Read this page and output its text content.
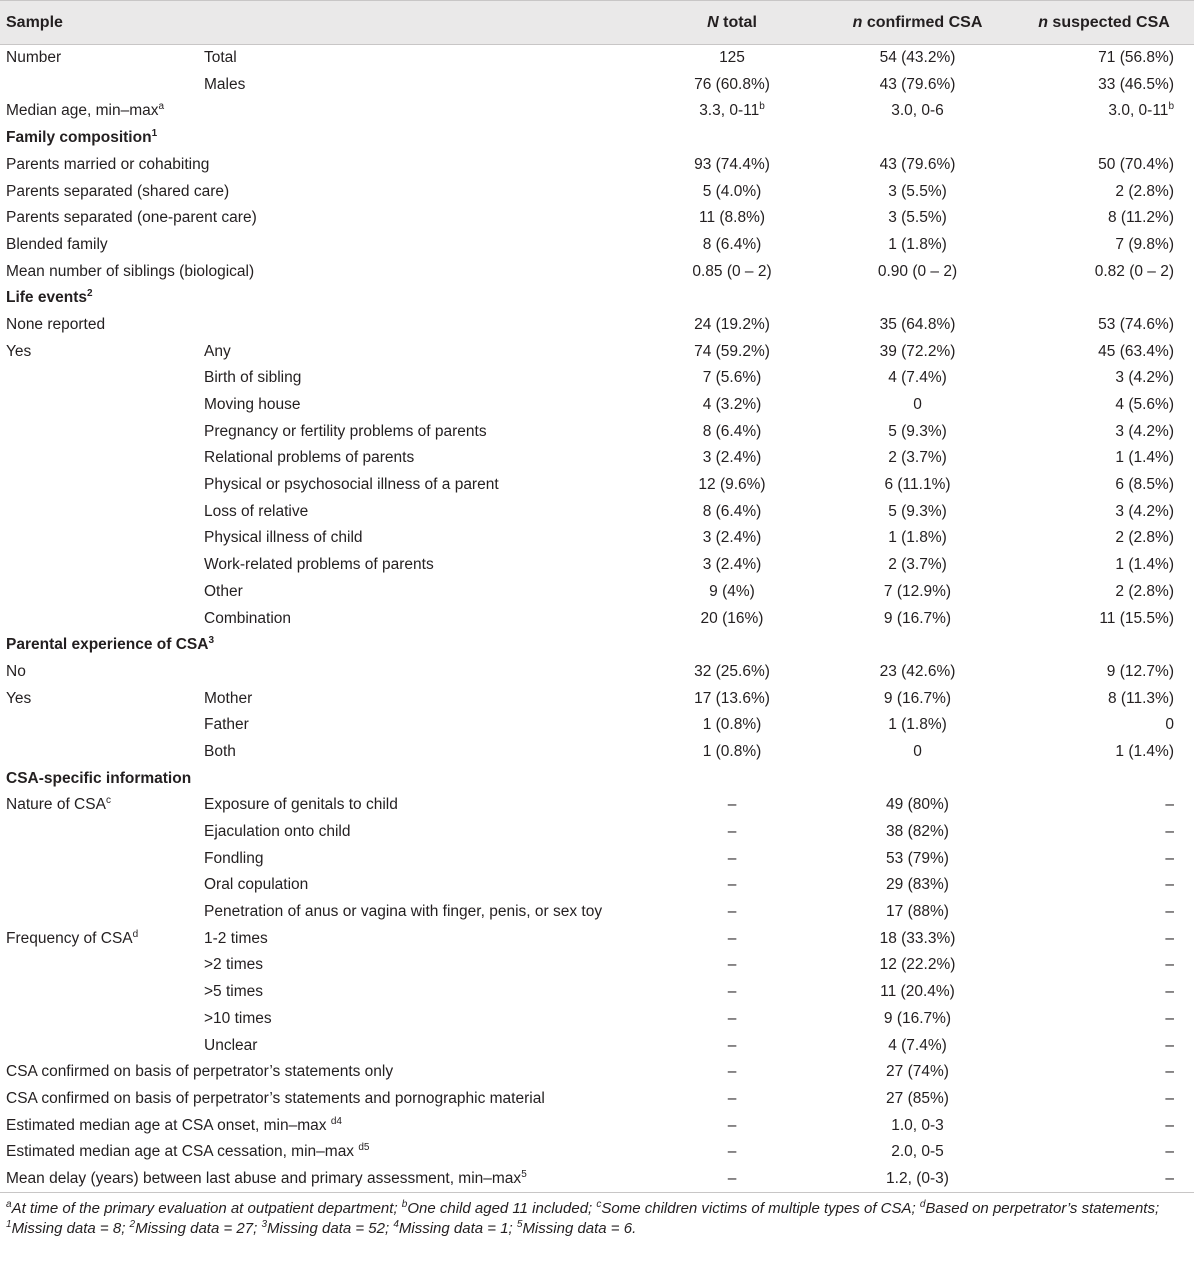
Sample		N total	n confirmed CSA	n suspected CSA
Number	Total	125	54 (43.2%)	71 (56.8%)
	Males	76 (60.8%)	43 (79.6%)	33 (46.5%)
Median age, $\min-\max^a$		3.3, 0-11$^b$	3.0, 0-6	3.0, 0-11$^b$
Family composition$^1$
Parents married or cohabiting		93 (74.4%)	43 (79.6%)	50 (70.4%)
Parents separated (shared care)		5 (4.0%)	3 (5.5%)	2 (2.8%)
Parents separated (one-parent care)		11 (8.8%)	3 (5.5%)	8 (11.2%)
Blended family		8 (6.4%)	1 (1.8%)	7 (9.8%)
Mean number of siblings (biological)		0.85 (0 – 2)	0.90 (0 – 2)	0.82 (0 – 2)
Life events$^2$
None reported		24 (19.2%)	35 (64.8%)	53 (74.6%)
Yes	Any	74 (59.2%)	39 (72.2%)	45 (63.4%)
	Birth of sibling	7 (5.6%)	4 (7.4%)	3 (4.2%)
	Moving house	4 (3.2%)	0	4 (5.6%)
	Pregnancy or fertility problems of parents	8 (6.4%)	5 (9.3%)	3 (4.2%)
	Relational problems of parents	3 (2.4%)	2 (3.7%)	1 (1.4%)
	Physical or psychosocial illness of a parent	12 (9.6%)	6 (11.1%)	6 (8.5%)
	Loss of relative	8 (6.4%)	5 (9.3%)	3 (4.2%)
	Physical illness of child	3 (2.4%)	1 (1.8%)	2 (2.8%)
	Work-related problems of parents	3 (2.4%)	2 (3.7%)	1 (1.4%)
	Other	9 (4%)	7 (12.9%)	2 (2.8%)
	Combination	20 (16%)	9 (16.7%)	11 (15.5%)
Parental experience of CSA$^3$
No		32 (25.6%)	23 (42.6%)	9 (12.7%)
Yes	Mother	17 (13.6%)	9 (16.7%)	8 (11.3%)
	Father	1 (0.8%)	1 (1.8%)	0
	Both	1 (0.8%)	0	1 (1.4%)
CSA-specific information				
Nature of CSA$^c$	Exposure of genitals to child	–	49 (80%)	–
	Ejaculation onto child	–	38 (82%)	–
	Fondling	–	53 (79%)	–
	Oral copulation	–	29 (83%)	–
	Penetration of anus or vagina with finger, penis, or sex toy	–	17 (88%)	–
Frequency of CSA$^d$	1-2 times	–	18 (33.3%)	–
	>2 times	–	12 (22.2%)	–
	>5 times	–	11 (20.4%)	–
	>10 times	–	9 (16.7%)	–
	Unclear	–	4 (7.4%)	–
CSA confirmed on basis of perpetrator’s statements only		–	27 (74%)	–
CSA confirmed on basis of perpetrator’s statements and pornographic material		–	27 (85%)	–
Estimated median age at CSA onset, min–max $^{d4}$		–	1.0, 0-3	–
Estimated median age at CSA cessation, min–max $^{d5}$		–	2.0, 0-5	–
Mean delay (years) between last abuse and primary assessment, $\min-\max^5$		–	1.2, (0-3)	–
$^a$At time of the primary evaluation at outpatient department; $^b$One child aged 11 included; $^c$Some children victims of multiple types of CSA; $^d$Based on perpetrator’s statements; $^1$Missing data = 8; $^2$Missing data = 27; $^3$Missing data = 52; $^4$Missing data = 1; $^5$Missing data = 6.
